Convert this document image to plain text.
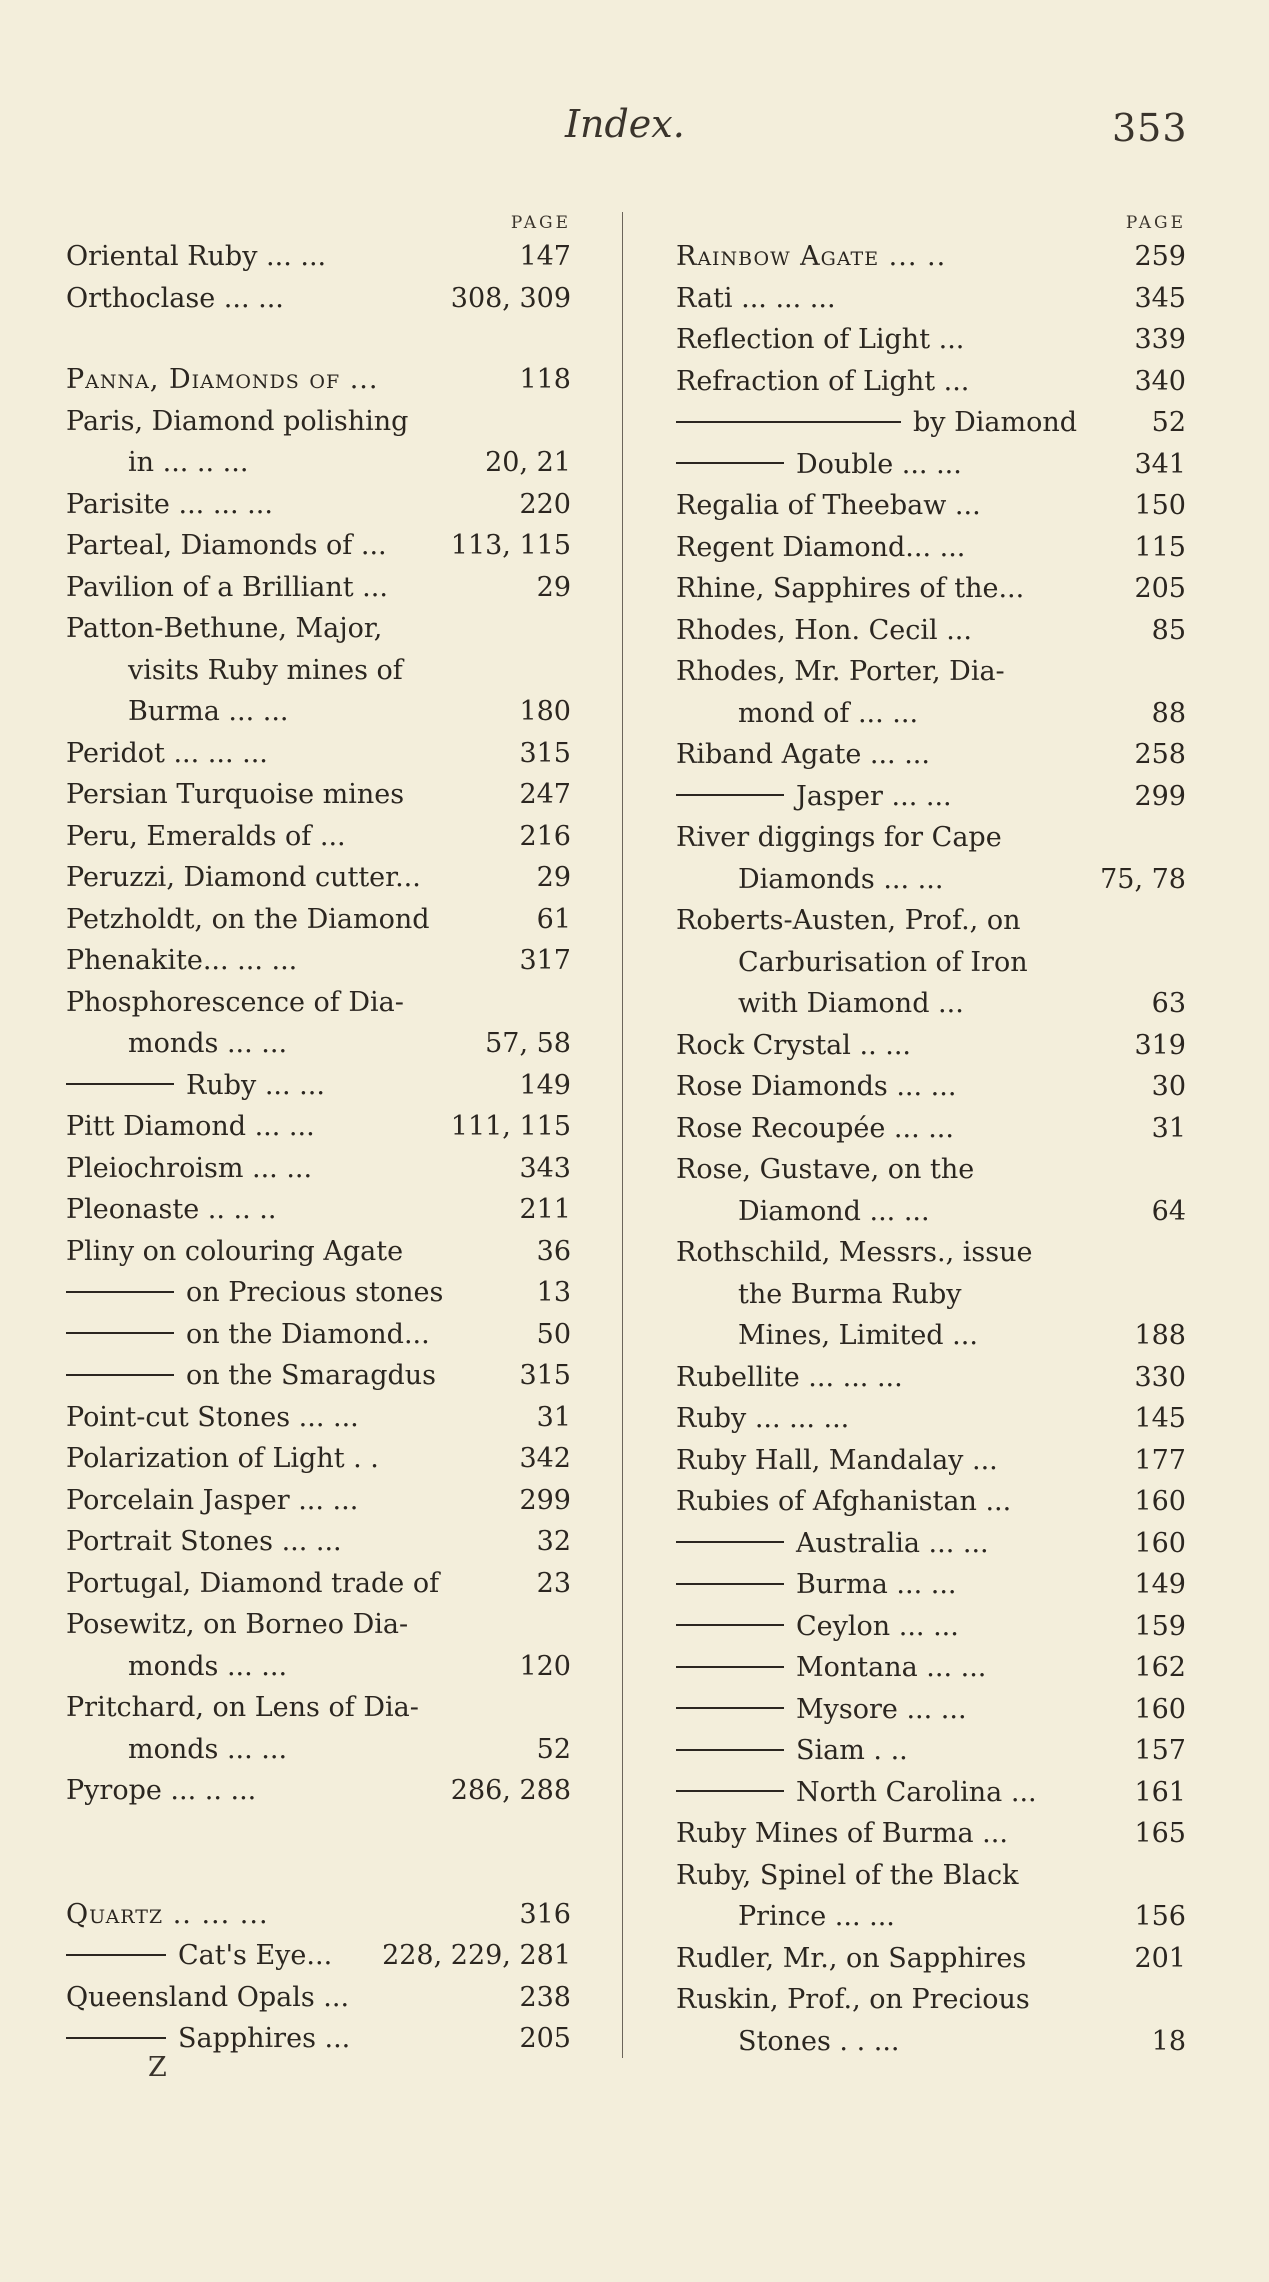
Index.	353
PAGE
Oriental Ruby ... ...	147
Orthoclase ... ...	308, 309
Panna, Diamonds of ...	118
Paris, Diamond polishing
in ... .. ...	20, 21
Parisite ... ... ...	220
Parteal, Diamonds of ...	113, 115
Pavilion of a Brilliant ...	29
Patton-Bethune, Major,
visits Ruby mines of
Burma ... ...	180
Peridot ... ... ...	315
Persian Turquoise mines	247
Peru, Emeralds of ...	216
Peruzzi, Diamond cutter...	29
Petzholdt, on the Diamond	61
Phenakite... ... ...	317
Phosphorescence of Dia-
monds ... ...	57, 58
Ruby ... ...	149
Pitt Diamond ... ...	111, 115
Pleiochroism ... ...	343
Pleonaste .. .. ..	211
Pliny on colouring Agate	36
on Precious stones	13
on the Diamond...	50
on the Smaragdus	315
Point-cut Stones ... ...	31
Polarization of Light . .	342
Porcelain Jasper ... ...	299
Portrait Stones ... ...	32
Portugal, Diamond trade of	23
Posewitz, on Borneo Dia-
monds ... ...	120
Pritchard, on Lens of Dia-
monds ... ...	52
Pyrope ... .. ...	286, 288
Quartz .. ... ...	316
Cat's Eye...	228, 229, 281
Queensland Opals ...	238
Sapphires ...	205
Z
PAGE
Rainbow Agate ... ..	259
Rati ... ... ...	345
Reflection of Light ...	339
Refraction of Light ...	340
by Diamond	52
Double ... ...	341
Regalia of Theebaw ...	150
Regent Diamond... ...	115
Rhine, Sapphires of the...	205
Rhodes, Hon. Cecil ...	85
Rhodes, Mr. Porter, Dia-
mond of ... ...	88
Riband Agate ... ...	258
Jasper ... ...	299
River diggings for Cape
Diamonds ... ...	75, 78
Roberts-Austen, Prof., on
Carburisation of Iron
with Diamond ...	63
Rock Crystal .. ...	319
Rose Diamonds ... ...	30
Rose Recoupée ... ...	31
Rose, Gustave, on the
Diamond ... ...	64
Rothschild, Messrs., issue
the Burma Ruby
Mines, Limited ...	188
Rubellite ... ... ...	330
Ruby ... ... ...	145
Ruby Hall, Mandalay ...	177
Rubies of Afghanistan ...	160
Australia ... ...	160
Burma ... ...	149
Ceylon ... ...	159
Montana ... ...	162
Mysore ... ...	160
Siam . ..	157
North Carolina ...	161
Ruby Mines of Burma ...	165
Ruby, Spinel of the Black
Prince ... ...	156
Rudler, Mr., on Sapphires	201
Ruskin, Prof., on Precious
Stones . . ...	18
